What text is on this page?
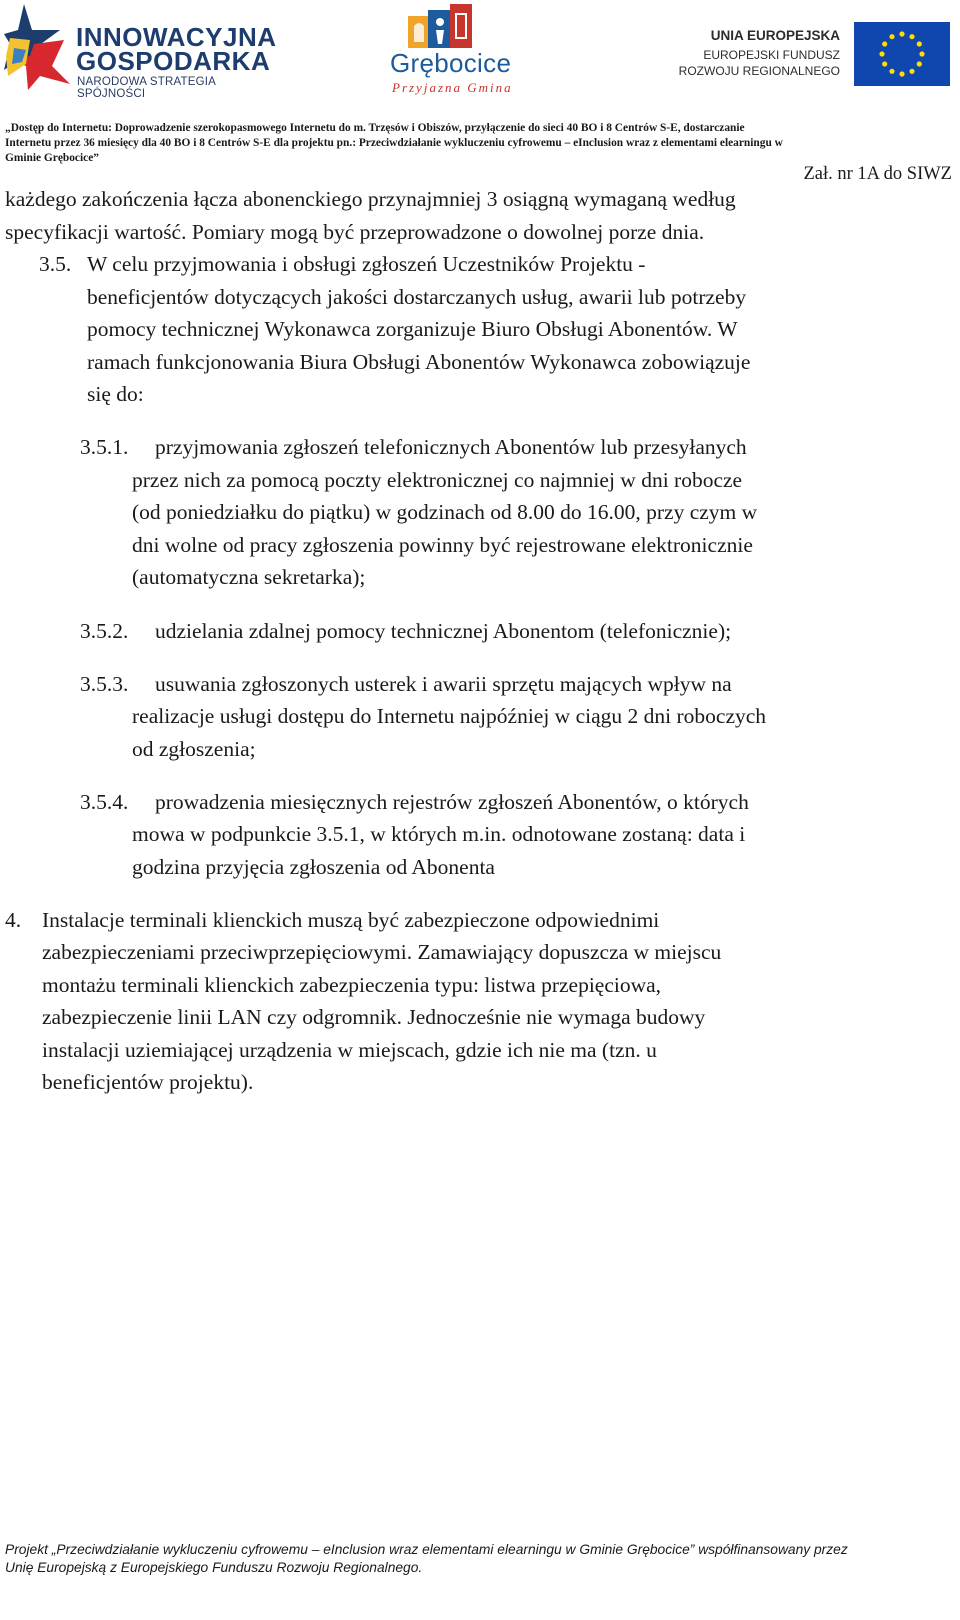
INNOWACYJNA
GOSPODARKA
NARODOWA STRATEGIA SPÓJNOŚCI
Grębocice
Przyjazna Gmina
UNIA EUROPEJSKA
EUROPEJSKI FUNDUSZ
ROZWOJU REGIONALNEGO
„Dostęp do Internetu: Doprowadzenie szerokopasmowego Internetu do m. Trzęsów i Obiszów, przyłączenie do sieci 40 BO i 8 Centrów S-E, dostarczanie
Internetu przez 36 miesięcy dla 40 BO i 8 Centrów S-E dla projektu pn.: Przeciwdziałanie wykluczeniu cyfrowemu – eInclusion wraz z elementami elearningu w
Gminie Grębocice”
Zał. nr 1A do SIWZ
każdego zakończenia łącza abonenckiego przynajmniej 3 osiągną wymaganą według
specyfikacji wartość. Pomiary mogą być przeprowadzone o dowolnej porze dnia.
3.5. W celu przyjmowania i obsługi zgłoszeń Uczestników Projektu -
beneficjentów dotyczących jakości dostarczanych usług, awarii lub potrzeby
pomocy technicznej Wykonawca zorganizuje Biuro Obsługi Abonentów. W
ramach funkcjonowania Biura Obsługi Abonentów Wykonawca zobowiązuje
się do:
3.5.1. przyjmowania zgłoszeń telefonicznych Abonentów lub przesyłanych
przez nich za pomocą poczty elektronicznej co najmniej w dni robocze
(od poniedziałku do piątku) w godzinach od 8.00 do 16.00, przy czym w
dni wolne od pracy zgłoszenia powinny być rejestrowane elektronicznie
(automatyczna sekretarka);
3.5.2. udzielania zdalnej pomocy technicznej Abonentom (telefonicznie);
3.5.3. usuwania zgłoszonych usterek i awarii sprzętu mających wpływ na
realizacje usługi dostępu do Internetu najpóźniej w ciągu 2 dni roboczych
od zgłoszenia;
3.5.4. prowadzenia miesięcznych rejestrów zgłoszeń Abonentów, o których
mowa w podpunkcie 3.5.1, w których m.in. odnotowane zostaną: data i
godzina przyjęcia zgłoszenia od Abonenta
4. Instalacje terminali klienckich muszą być zabezpieczone odpowiednimi
zabezpieczeniami przeciwprzepięciowymi. Zamawiający dopuszcza w miejscu
montażu terminali klienckich zabezpieczenia typu: listwa przepięciowa,
zabezpieczenie linii LAN czy odgromnik. Jednocześnie nie wymaga budowy
instalacji uziemiającej urządzenia w miejscach, gdzie ich nie ma (tzn. u
beneficjentów projektu).
Projekt „Przeciwdziałanie wykluczeniu cyfrowemu – eInclusion wraz elementami elearningu w Gminie Grębocice” współfinansowany przez
Unię Europejską z Europejskiego Funduszu Rozwoju Regionalnego.
